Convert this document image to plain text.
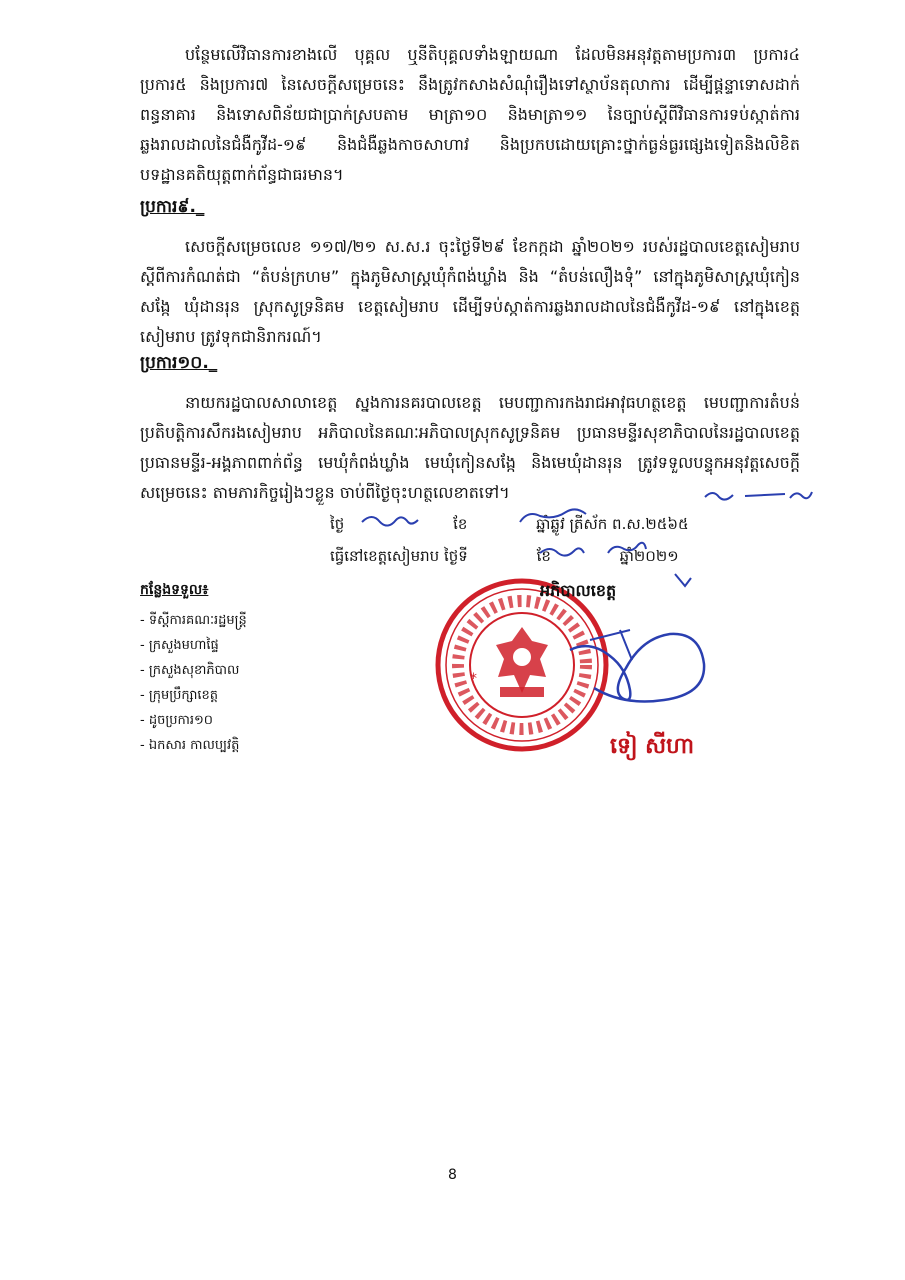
បន្ថែមលើវិធានការខាងលើ បុគ្គល ឬនីតិបុគ្គលទាំងឡាយណា ដែលមិនអនុវត្តតាមប្រការ៣ ប្រការ៤ ប្រការ៥ និងប្រការ៧ នៃសេចក្តីសម្រេចនេះ នឹងត្រូវកសាងសំណុំរឿងទៅស្ថាប័នតុលាការ ដើម្បីផ្តន្ទាទោសដាក់ពន្ធនាគារ និងទោសពិន័យជាប្រាក់ស្របតាម មាត្រា១០ និងមាត្រា១១ នៃច្បាប់ស្តីពីវិធានការទប់ស្កាត់ការឆ្លងរាលដាលនៃជំងឺកូវីដ-១៩ និងជំងឺឆ្លងកាចសាហាវ និងប្រកបដោយគ្រោះថ្នាក់ធ្ងន់ធ្ងរផ្សេងទៀតនិងលិខិតបទដ្ឋានគតិយុត្តពាក់ព័ន្ធជាធរមាន។

ប្រការ៩._

សេចក្តីសម្រេចលេខ ១១៧/២១ ស.ស.រ ចុះថ្ងៃទី២៩ ខែកក្កដា ឆ្នាំ២០២១ របស់រដ្ឋបាលខេត្តសៀមរាប ស្តីពីការកំណត់ជា “តំបន់ក្រហម” ក្នុងភូមិសាស្ត្រឃុំកំពង់ឃ្លាំង និង “តំបន់លឿងទុំ” នៅក្នុងភូមិសាស្ត្រឃុំកៀនសង្កែ ឃុំដានរុន ស្រុកសូទ្រនិគម ខេត្តសៀមរាប ដើម្បីទប់ស្កាត់ការឆ្លងរាលដាលនៃជំងឺកូវីដ-១៩ នៅក្នុងខេត្តសៀមរាប ត្រូវទុកជានិរាករណ៍។

ប្រការ១០._

នាយករដ្ឋបាលសាលាខេត្ត ស្នងការនគរបាលខេត្ត មេបញ្ជាការកងរាជអាវុធហត្ថខេត្ត មេបញ្ជាការតំបន់ប្រតិបត្តិការសឹករងសៀមរាប អភិបាលនៃគណៈអភិបាលស្រុកសូទ្រនិគម ប្រធានមន្ទីរសុខាភិបាលនៃរដ្ឋបាលខេត្ត ប្រធានមន្ទីរ-អង្គភាពពាក់ព័ន្ធ មេឃុំកំពង់ឃ្លាំង មេឃុំកៀនសង្កែ និងមេឃុំដានរុន ត្រូវទទួលបន្ទុកអនុវត្តសេចក្តីសម្រេចនេះ តាមភារកិច្ចរៀងៗខ្លួន ចាប់ពីថ្ងៃចុះហត្ថលេខាតទៅ។

ថ្ងៃ	ខែ	ឆ្នាំឆ្លូវ ត្រីស័ក ព.ស.២៥៦៥
ធ្វើនៅខេត្តសៀមរាប ថ្ងៃទី	ខែ	ឆ្នាំ២០២១
កន្លែងទទួល៖
- ទីស្តីការគណៈរដ្ឋមន្ត្រី
- ក្រសួងមហាផ្ទៃ
- ក្រសួងសុខាភិបាល
- ក្រុមប្រឹក្សាខេត្ត
- ដូចប្រការ១០
- ឯកសារ កាលប្បវត្តិ
*
អភិបាលខេត្ត
ទៀ សីហា
8
